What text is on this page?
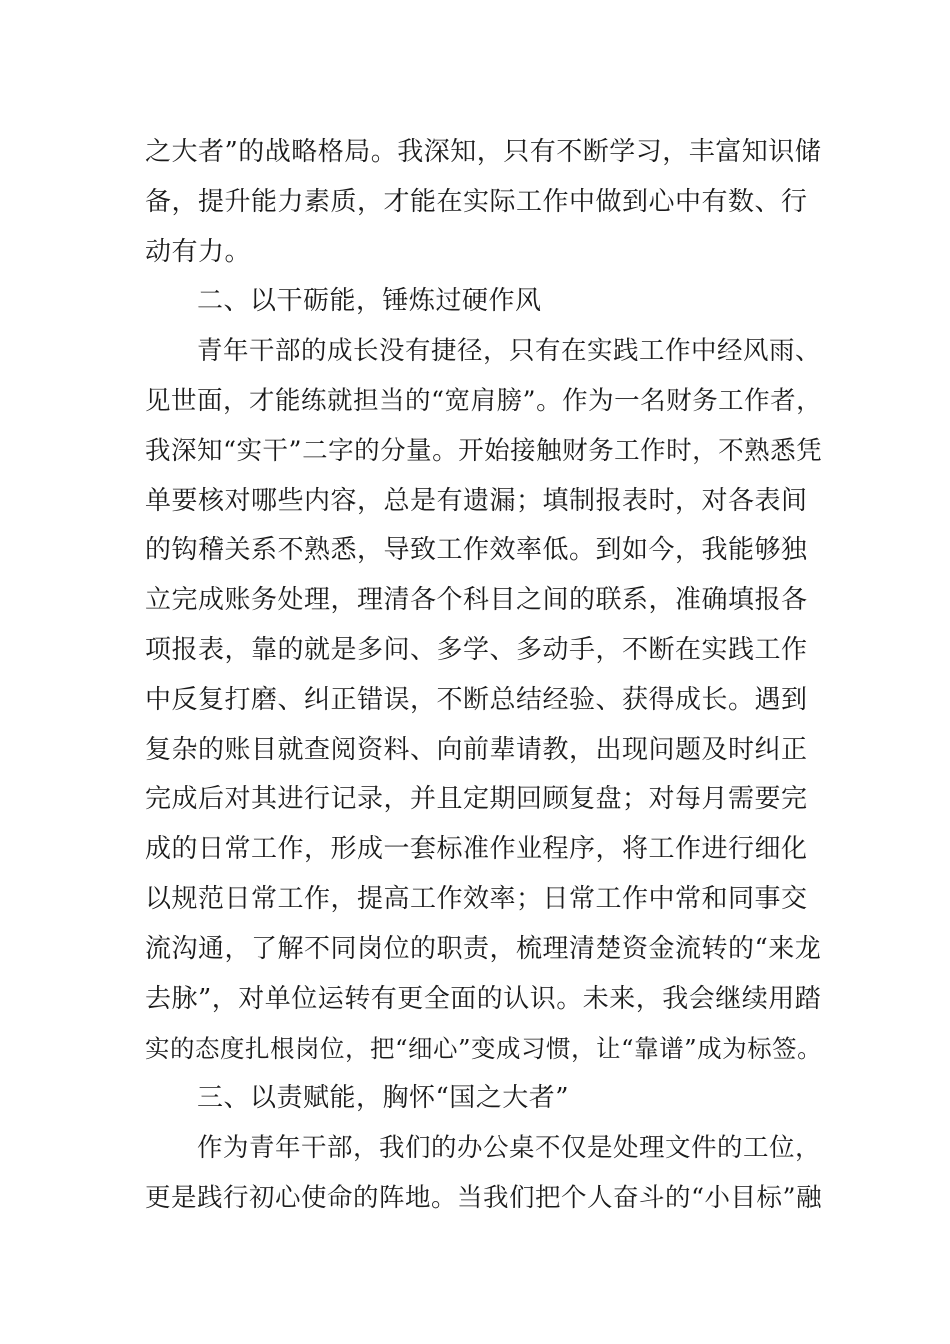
之大者”的战略格局。我深知，只有不断学习，丰富知识储
备，提升能力素质，才能在实际工作中做到心中有数、行
动有力。
二、以干砺能，锤炼过硬作风
青年干部的成长没有捷径，只有在实践工作中经风雨、
见世面，才能练就担当的“宽肩膀”。作为一名财务工作者，
我深知“实干”二字的分量。开始接触财务工作时，不熟悉凭
单要核对哪些内容，总是有遗漏；填制报表时，对各表间
的钩稽关系不熟悉，导致工作效率低。到如今，我能够独
立完成账务处理，理清各个科目之间的联系，准确填报各
项报表，靠的就是多问、多学、多动手，不断在实践工作
中反复打磨、纠正错误，不断总结经验、获得成长。遇到
复杂的账目就查阅资料、向前辈请教，出现问题及时纠正
完成后对其进行记录，并且定期回顾复盘；对每月需要完
成的日常工作，形成一套标准作业程序，将工作进行细化
以规范日常工作，提高工作效率；日常工作中常和同事交
流沟通，了解不同岗位的职责，梳理清楚资金流转的“来龙
去脉”，对单位运转有更全面的认识。未来，我会继续用踏
实的态度扎根岗位，把“细心”变成习惯，让“靠谱”成为标签。
三、以责赋能，胸怀“国之大者”
作为青年干部，我们的办公桌不仅是处理文件的工位，
更是践行初心使命的阵地。当我们把个人奋斗的“小目标”融
